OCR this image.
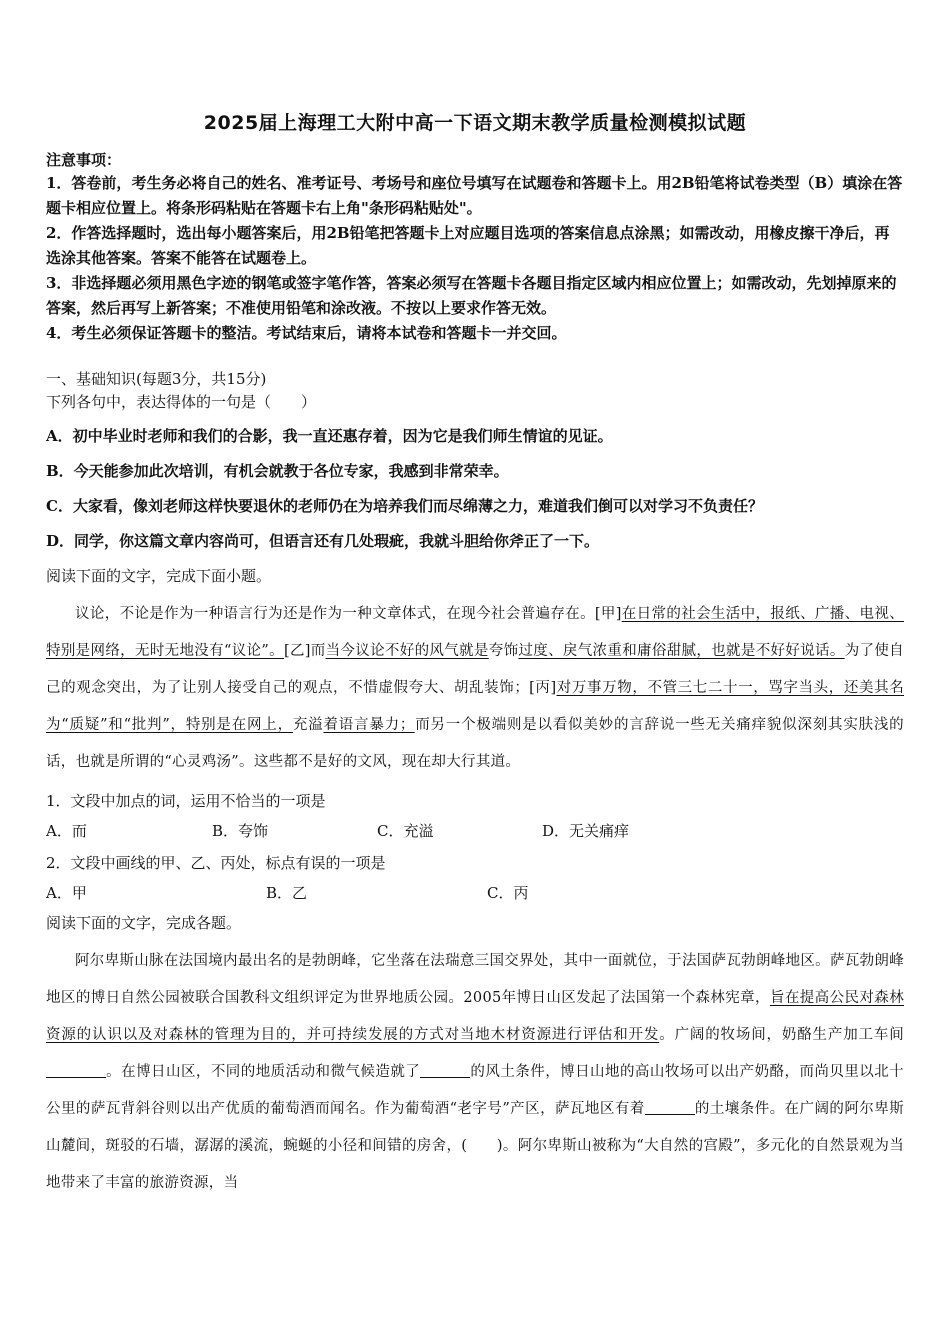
2025届上海理工大附中高一下语文期末教学质量检测模拟试题
注意事项：

1．答卷前，考生务必将自己的姓名、准考证号、考场号和座位号填写在试题卷和答题卡上。用2B铅笔将试卷类型（B）填涂在答题卡相应位置上。将条形码粘贴在答题卡右上角"条形码粘贴处"。

2．作答选择题时，选出每小题答案后，用2B铅笔把答题卡上对应题目选项的答案信息点涂黑；如需改动，用橡皮擦干净后，再选涂其他答案。答案不能答在试题卷上。

3．非选择题必须用黑色字迹的钢笔或签字笔作答，答案必须写在答题卡各题目指定区域内相应位置上；如需改动，先划掉原来的答案，然后再写上新答案；不准使用铅笔和涂改液。不按以上要求作答无效。

4．考生必须保证答题卡的整洁。考试结束后，请将本试卷和答题卡一并交回。

一、基础知识(每题3分，共15分)

下列各句中，表达得体的一句是（　　）

A．初中毕业时老师和我们的合影，我一直还惠存着，因为它是我们师生情谊的见证。

B．今天能参加此次培训，有机会就教于各位专家，我感到非常荣幸。

C．大家看，像刘老师这样快要退休的老师仍在为培养我们而尽绵薄之力，难道我们倒可以对学习不负责任？

D．同学，你这篇文章内容尚可，但语言还有几处瑕疵，我就斗胆给你斧正了一下。

阅读下面的文字，完成下面小题。

议论，不论是作为一种语言行为还是作为一种文章体式，在现今社会普遍存在。[甲]在日常的社会生活中，报纸、广播、电视、特别是网络，无时无地没有“议论”。[乙]而当今议论不好的风气就是夸饰过度、戾气浓重和庸俗甜腻，也就是不好好说话。为了使自己的观念突出，为了让别人接受自己的观点，不惜虚假夸大、胡乱装饰；[丙]对万事万物，不管三七二十一，骂字当头，还美其名为“质疑”和“批判”，特别是在网上，充溢着语言暴力；而另一个极端则是以看似美妙的言辞说一些无关痛痒貌似深刻其实肤浅的话，也就是所谓的“心灵鸡汤”。这些都不是好的文风，现在却大行其道。

1．文段中加点的词，运用不恰当的一项是

A．而	B．夸饰	C．充溢	D．无关痛痒

2．文段中画线的甲、乙、丙处，标点有误的一项是

A．甲	B．乙	C．丙

阅读下面的文字，完成各题。

阿尔卑斯山脉在法国境内最出名的是勃朗峰，它坐落在法瑞意三国交界处，其中一面就位，于法国萨瓦勃朗峰地区。萨瓦勃朗峰地区的博日自然公园被联合国教科文组织评定为世界地质公园。2005年博日山区发起了法国第一个森林宪章，旨在提高公民对森林资源的认识以及对森林的管理为目的，并可持续发展的方式对当地木材资源进行评估和开发。广阔的牧场间，奶酪生产加工车间。在博日山区，不同的地质活动和微气候造就了	的风土条件，博日山地的高山牧场可以出产奶酪，而尚贝里以北十公里的萨瓦背斜谷则以出产优质的葡萄酒而闻名。作为葡萄酒“老字号”产区，萨瓦地区有着	的土壤条件。在广阔的阿尔卑斯山麓间，斑驳的石墙，潺潺的溪流，蜿蜒的小径和间错的房舍，(　　)。阿尔卑斯山被称为“大自然的宫殿”，多元化的自然景观为当地带来了丰富的旅游资源，当
